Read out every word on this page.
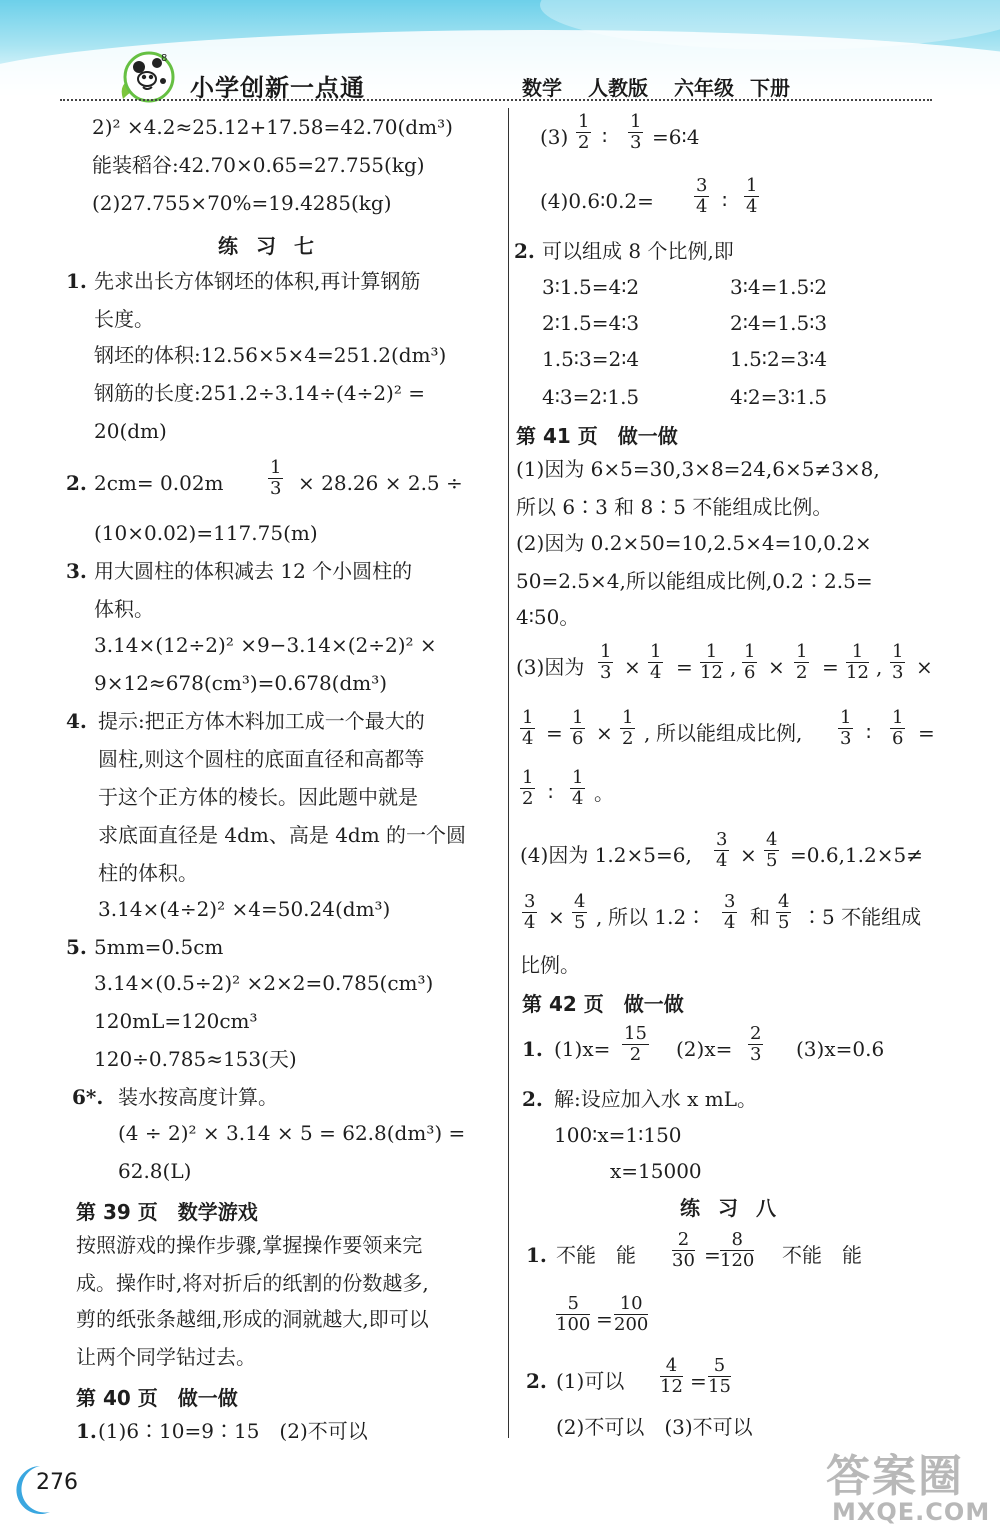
8
小学创新一点通	数学 人教版 六年级 下册
2)² ×4.2≈25.12+17.58=42.70(dm³)
能装稻谷:42.70×0.65=27.755(kg)
(2)27.755×70%=19.4285(kg)
练习七
1. 先求出长方体钢坯的体积,再计算钢筋
长度。
钢坯的体积:12.56×5×4=251.2(dm³)
钢筋的长度:251.2÷3.14÷(4÷2)² =
20(dm)
2. 2cm= 0.02m
1
3 × 28.26 × 2.5 ÷
(10×0.02)=117.75(m)
3. 用大圆柱的体积减去 12 个小圆柱的
体积。
3.14×(12÷2)² ×9−3.14×(2÷2)² ×
9×12≈678(cm³)=0.678(dm³)
4. 提示:把正方体木料加工成一个最大的
圆柱,则这个圆柱的底面直径和高都等
于这个正方体的棱长。因此题中就是
求底面直径是 4dm、高是 4dm 的一个圆
柱的体积。
3.14×(4÷2)² ×4=50.24(dm³)
5. 5mm=0.5cm
3.14×(0.5÷2)² ×2×2=0.785(cm³)
120mL=120cm³
120÷0.785≈153(天)
6*. 装水按高度计算。
(4 ÷ 2)² × 3.14 × 5 = 62.8(dm³) =
62.8(L)
第 39 页　数学游戏
按照游戏的操作步骤,掌握操作要领来完
成。操作时,将对折后的纸割的份数越多,
剪的纸张条越细,形成的洞就越大,即可以
让两个同学钻过去。
第 40 页　做一做
1. (1)6∶10=9∶15　(2)不可以
(3)
1
2 ∶
1
3 =6∶4
(4)0.6∶0.2=
3
4 ∶
1
4
2. 可以组成 8 个比例,即
3∶1.5=4∶2	3∶4=1.5∶2
2∶1.5=4∶3	2∶4=1.5∶3
1.5∶3=2∶4	1.5∶2=3∶4
4∶3=2∶1.5	4∶2=3∶1.5
第 41 页　做一做
(1)因为 6×5=30,3×8=24,6×5≠3×8,
所以 6∶3 和 8∶5 不能组成比例。
(2)因为 0.2×50=10,2.5×4=10,0.2×
50=2.5×4,所以能组成比例,0.2∶2.5=
4∶50。
(3)因为
1
3 ×
1
4 =
1
12 ,
1
6 ×
1
2 =
1
12 ,
1
3 ×
1
4 =
1
6 ×
1
2 , 所以能组成比例,
1
3 ∶
1
6 =
1
2 ∶
1
4 。
(4)因为 1.2×5=6,
3
4 ×
4
5 =0.6,1.2×5≠
3
4 ×
4
5 , 所以 1.2∶
3
4 和
4
5 ∶5 不能组成
比例。
第 42 页　做一做
1. (1)x=
15
2	(2)x=
2
3 (3)x=0.6
2. 解:设应加入水 x mL。
100∶x=1∶150
x=15000
练习八
1. 不能　能
2
30 =
8
120 不能　能
5
100 =
10
200
2. (1)可以
4
12 =
5
15
(2)不可以　(3)不可以
276	答案圈
MXQE.COM
